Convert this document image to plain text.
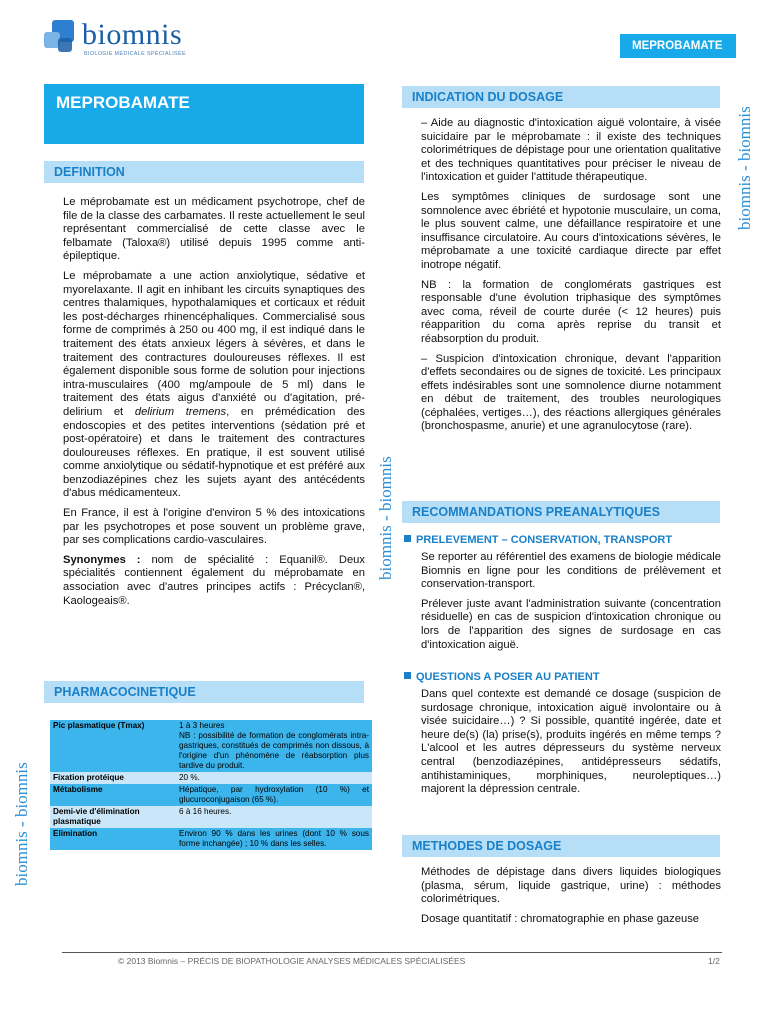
biomnis
BIOLOGIE MÉDICALE SPÉCIALISÉE
MEPROBAMATE
MEPROBAMATE
DEFINITION

Le méprobamate est un médicament psychotrope, chef de file de la classe des carbamates. Il reste actuellement le seul représentant commercialisé de cette classe avec le felbamate (Taloxa®) utilisé depuis 1995 comme anti-épileptique.

Le méprobamate a une action anxiolytique, sédative et myorelaxante. Il agit en inhibant les circuits synaptiques des centres thalamiques, hypothalamiques et corticaux et réduit les post-décharges rhinencéphaliques. Commercialisé sous forme de comprimés à 250 ou 400 mg, il est indiqué dans le traitement des états anxieux légers à sévères, et dans le traitement des contractures douloureuses réflexes. Il est également disponible sous forme de solution pour injections intra-musculaires (400 mg/ampoule de 5 ml) dans le traitement des états aigus d'anxiété ou d'agitation, pré-delirium et delirium tremens, en prémédication des endoscopies et des petites interventions (sédation pré et post-opératoire) et dans le traitement des contractures douloureuses réflexes. En pratique, il est souvent utilisé comme anxiolytique ou sédatif-hypnotique et est préféré aux benzodiazépines chez les sujets ayant des antécédents d'abus médicamenteux.

En France, il est à l'origine d'environ 5 % des intoxications par les psychotropes et pose souvent un problème grave, par ses complications cardio-vasculaires.

Synonymes : nom de spécialité : Equanil®. Deux spécialités contiennent également du méprobamate en association avec d'autres principes actifs : Précyclan®, Kaologeais®.

PHARMACOCINETIQUE
Pic plasmatique (Tmax)	1 à 3 heures
NB : possibilité de formation de conglomérats intra-gastriques, constitués de comprimés non dissous, à l'origine d'un phénomène de réabsorption plus tardive du produit.
Fixation protéique	20 %.
Métabolisme	Hépatique, par hydroxylation (10 %) et glucuroconjugaison (65 %).
Demi-vie d'élimination plasmatique	6 à 16 heures.
Elimination	Environ 90 % dans les urines (dont 10 % sous forme inchangée) ; 10 % dans les selles.
INDICATION DU DOSAGE

– Aide au diagnostic d'intoxication aiguë volontaire, à visée suicidaire par le méprobamate : il existe des techniques colorimétriques de dépistage pour une orientation qualitative et des techniques quantitatives pour préciser le niveau de l'intoxication et guider l'attitude thérapeutique.

Les symptômes cliniques de surdosage sont une somnolence avec ébriété et hypotonie musculaire, un coma, le plus souvent calme, une défaillance respiratoire et une insuffisance circulatoire. Au cours d'intoxications sévères, le méprobamate a une toxicité cardiaque directe par effet inotrope négatif.

NB : la formation de conglomérats gastriques est responsable d'une évolution triphasique des symptômes avec coma, réveil de courte durée (< 12 heures) puis réapparition du coma après reprise du transit et réabsorption du produit.

– Suspicion d'intoxication chronique, devant l'apparition d'effets secondaires ou de signes de toxicité. Les principaux effets indésirables sont une somnolence diurne notamment en début de traitement, des troubles neurologiques (céphalées, vertiges…), des réactions allergiques générales (bronchospasme, anurie) et une agranulocytose (rare).

RECOMMANDATIONS PREANALYTIQUES
PRELEVEMENT – CONSERVATION, TRANSPORT

Se reporter au référentiel des examens de biologie médicale Biomnis en ligne pour les conditions de prélèvement et conservation-transport.

Prélever juste avant l'administration suivante (concentration résiduelle) en cas de suspicion d'intoxication chronique ou lors de l'apparition des signes de surdosage en cas d'intoxication aiguë.

QUESTIONS A POSER AU PATIENT

Dans quel contexte est demandé ce dosage (suspicion de surdosage chronique, intoxication aiguë involontaire ou à visée suicidaire…) ? Si possible, quantité ingérée, date et heure de(s) (la) prise(s), produits ingérés en même temps ? L'alcool et les autres dépresseurs du système nerveux central (benzodiazépines, antidépresseurs sédatifs, antihistaminiques, morphiniques, neuroleptiques…) majorent la dépression centrale.

METHODES DE DOSAGE

Méthodes de dépistage dans divers liquides biologiques (plasma, sérum, liquide gastrique, urine) : méthodes colorimétriques.

Dosage quantitatif : chromatographie en phase gazeuse

biomnis - biomnis
biomnis - biomnis
biomnis - biomnis
© 2013 Biomnis – PRÉCIS DE BIOPATHOLOGIE ANALYSES MÉDICALES SPÉCIALISÉES	1/2
